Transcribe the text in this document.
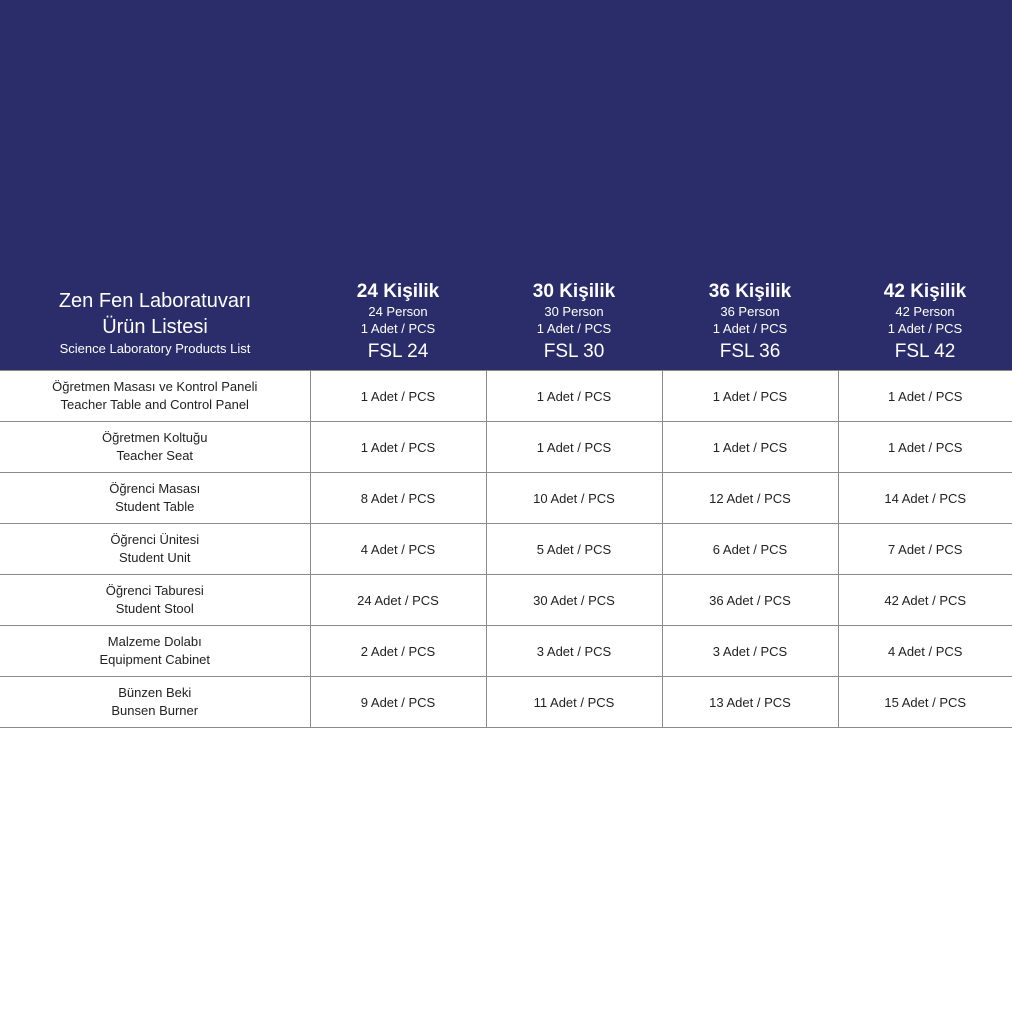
Zen Fen Laboratuvarı
Ürün Listesi
Science Laboratory Products List	24 Kişilik
24 Person
1 Adet / PCS
FSL 24	30 Kişilik
30 Person
1 Adet / PCS
FSL 30	36 Kişilik
36 Person
1 Adet / PCS
FSL 36	42 Kişilik
42 Person
1 Adet / PCS
FSL 42

Öğretmen Masası ve Kontrol Paneli
Teacher Table and Control Panel	1 Adet / PCS	1 Adet / PCS	1 Adet / PCS	1 Adet / PCS

Öğretmen Koltuğu
Teacher Seat	1 Adet / PCS	1 Adet / PCS	1 Adet / PCS	1 Adet / PCS

Öğrenci Masası
Student Table	8 Adet / PCS	10 Adet / PCS	12 Adet / PCS	14 Adet / PCS

Öğrenci Ünitesi
Student Unit	4 Adet / PCS	5 Adet / PCS	6 Adet / PCS	7 Adet / PCS

Öğrenci Taburesi
Student Stool	24 Adet / PCS	30 Adet / PCS	36 Adet / PCS	42 Adet / PCS

Malzeme Dolabı
Equipment Cabinet	2 Adet / PCS	3 Adet / PCS	3 Adet / PCS	4 Adet / PCS

Bünzen Beki
Bunsen Burner	9 Adet / PCS	11 Adet / PCS	13 Adet / PCS	15 Adet / PCS
